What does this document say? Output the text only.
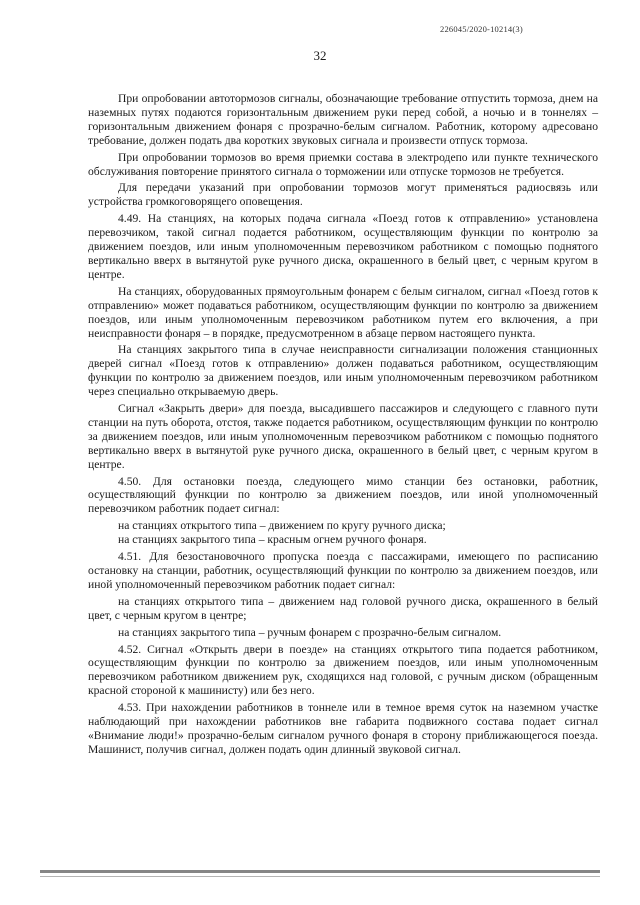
226045/2020-10214(3)
32

При опробовании автотормозов сигналы, обозначающие требование отпустить тормоза, днем на наземных путях подаются горизонтальным движением руки перед собой, а ночью и в тоннелях – горизонтальным движением фонаря с прозрачно-белым сигналом. Работник, которому адресовано требование, должен подать два коротких звуковых сигнала и произвести отпуск тормоза.

При опробовании тормозов во время приемки состава в электродепо или пункте технического обслуживания повторение принятого сигнала о торможении или отпуске тормозов не требуется.

Для передачи указаний при опробовании тормозов могут применяться радиосвязь или устройства громкоговорящего оповещения.

4.49. На станциях, на которых подача сигнала «Поезд готов к отправлению» установлена перевозчиком, такой сигнал подается работником, осуществляющим функции по контролю за движением поездов, или иным уполномоченным перевозчиком работником с помощью поднятого вертикально вверх в вытянутой руке ручного диска, окрашенного в белый цвет, с черным кругом в центре.

На станциях, оборудованных прямоугольным фонарем с белым сигналом, сигнал «Поезд готов к отправлению» может подаваться работником, осуществляющим функции по контролю за движением поездов, или иным уполномоченным перевозчиком работником путем его включения, а при неисправности фонаря – в порядке, предусмотренном в абзаце первом настоящего пункта.

На станциях закрытого типа в случае неисправности сигнализации положения станционных дверей сигнал «Поезд готов к отправлению» должен подаваться работником, осуществляющим функции по контролю за движением поездов, или иным уполномоченным перевозчиком работником через специально открываемую дверь.

Сигнал «Закрыть двери» для поезда, высадившего пассажиров и следующего с главного пути станции на путь оборота, отстоя, также подается работником, осуществляющим функции по контролю за движением поездов, или иным уполномоченным перевозчиком работником с помощью поднятого вертикально вверх в вытянутой руке ручного диска, окрашенного в белый цвет, с черным кругом в центре.

4.50. Для остановки поезда, следующего мимо станции без остановки, работник, осуществляющий функции по контролю за движением поездов, или иной уполномоченный перевозчиком работник подает сигнал:

на станциях открытого типа – движением по кругу ручного диска;

на станциях закрытого типа – красным огнем ручного фонаря.

4.51. Для безостановочного пропуска поезда с пассажирами, имеющего по расписанию остановку на станции, работник, осуществляющий функции по контролю за движением поездов, или иной уполномоченный перевозчиком работник подает сигнал:

на станциях открытого типа – движением над головой ручного диска, окрашенного в белый цвет, с черным кругом в центре;

на станциях закрытого типа – ручным фонарем с прозрачно-белым сигналом.

4.52. Сигнал «Открыть двери в поезде» на станциях открытого типа подается работником, осуществляющим функции по контролю за движением поездов, или иным уполномоченным перевозчиком работником движением рук, сходящихся над головой, с ручным диском (обращенным красной стороной к машинисту) или без него.

4.53. При нахождении работников в тоннеле или в темное время суток на наземном участке наблюдающий при нахождении работников вне габарита подвижного состава подает сигнал «Внимание люди!» прозрачно-белым сигналом ручного фонаря в сторону приближающегося поезда. Машинист, получив сигнал, должен подать один длинный звуковой сигнал.
